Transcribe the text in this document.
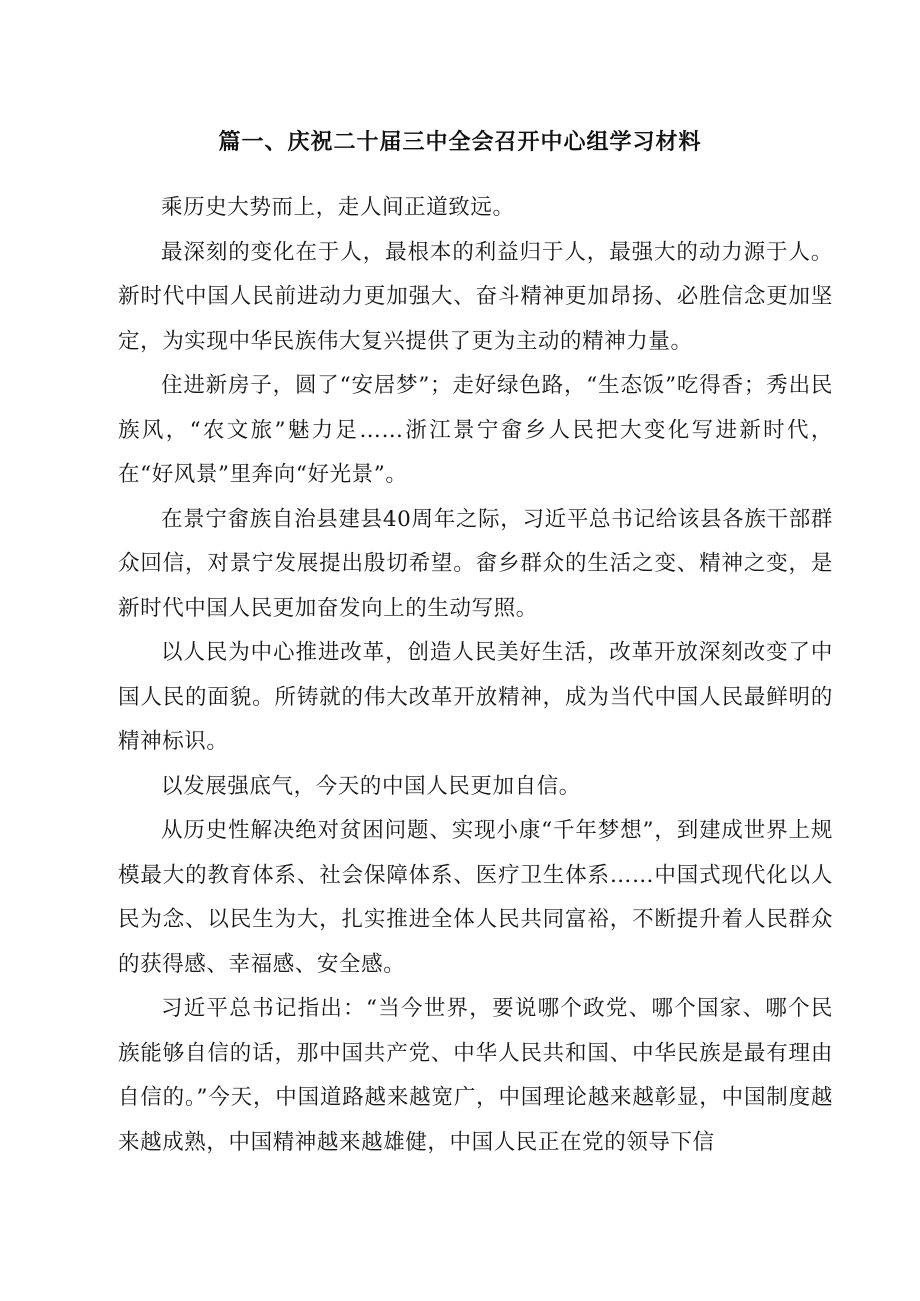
篇一、庆祝二十届三中全会召开中心组学习材料

乘历史大势而上，走人间正道致远。

最深刻的变化在于人，最根本的利益归于人，最强大的动力源于人。新时代中国人民前进动力更加强大、奋斗精神更加昂扬、必胜信念更加坚定，为实现中华民族伟大复兴提供了更为主动的精神力量。

住进新房子，圆了“安居梦”；走好绿色路，“生态饭”吃得香；秀出民族风，“农文旅”魅力足……浙江景宁畲乡人民把大变化写进新时代，在“好风景”里奔向“好光景”。

在景宁畲族自治县建县40周年之际，习近平总书记给该县各族干部群众回信，对景宁发展提出殷切希望。畲乡群众的生活之变、精神之变，是新时代中国人民更加奋发向上的生动写照。

以人民为中心推进改革，创造人民美好生活，改革开放深刻改变了中国人民的面貌。所铸就的伟大改革开放精神，成为当代中国人民最鲜明的精神标识。

以发展强底气，今天的中国人民更加自信。

从历史性解决绝对贫困问题、实现小康“千年梦想”，到建成世界上规模最大的教育体系、社会保障体系、医疗卫生体系……中国式现代化以人民为念、以民生为大，扎实推进全体人民共同富裕，不断提升着人民群众的获得感、幸福感、安全感。

习近平总书记指出：“当今世界，要说哪个政党、哪个国家、哪个民族能够自信的话，那中国共产党、中华人民共和国、中华民族是最有理由自信的。”今天，中国道路越来越宽广，中国理论越来越彰显，中国制度越来越成熟，中国精神越来越雄健，中国人民正在党的领导下信
